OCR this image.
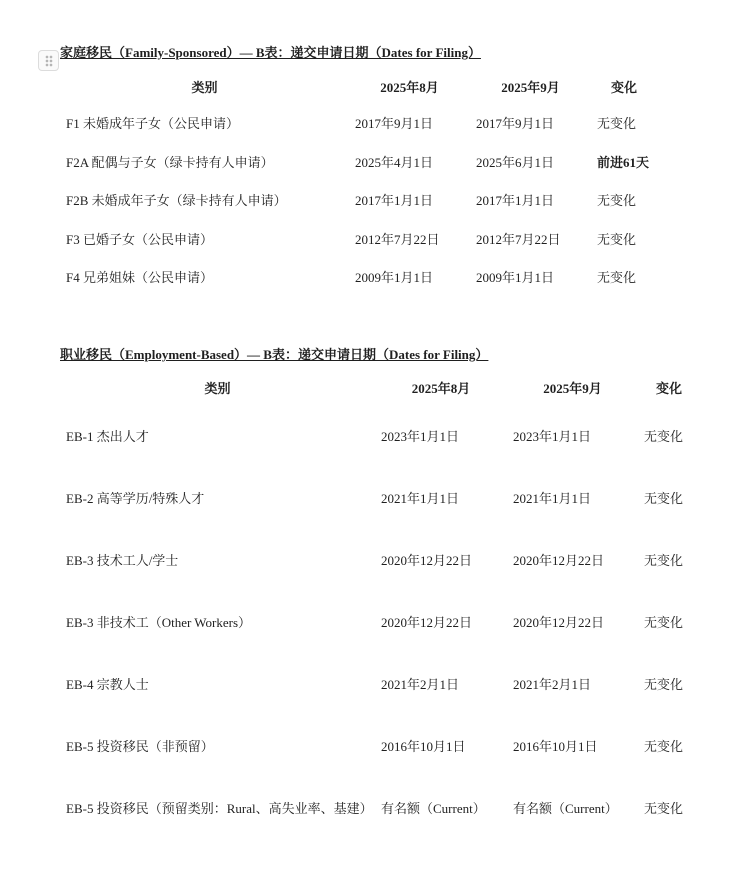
家庭移民（Family-Sponsored）— B表：递交申请日期（Dates for Filing）
类别	2025年8月	2025年9月	变化
F1 未婚成年子女（公民申请）	2017年9月1日	2017年9月1日	无变化
F2A 配偶与子女（绿卡持有人申请）	2025年4月1日	2025年6月1日	前进61天
F2B 未婚成年子女（绿卡持有人申请）	2017年1月1日	2017年1月1日	无变化
F3 已婚子女（公民申请）	2012年7月22日	2012年7月22日	无变化
F4 兄弟姐妹（公民申请）	2009年1月1日	2009年1月1日	无变化
职业移民（Employment-Based）— B表：递交申请日期（Dates for Filing）
类别	2025年8月	2025年9月	变化
EB-1 杰出人才	2023年1月1日	2023年1月1日	无变化
EB-2 高等学历/特殊人才	2021年1月1日	2021年1月1日	无变化
EB-3 技术工人/学士	2020年12月22日	2020年12月22日	无变化
EB-3 非技术工（Other Workers）	2020年12月22日	2020年12月22日	无变化
EB-4 宗教人士	2021年2月1日	2021年2月1日	无变化
EB-5 投资移民（非预留）	2016年10月1日	2016年10月1日	无变化
EB-5 投资移民（预留类别：Rural、高失业率、基建）	有名额（Current）	有名额（Current）	无变化
